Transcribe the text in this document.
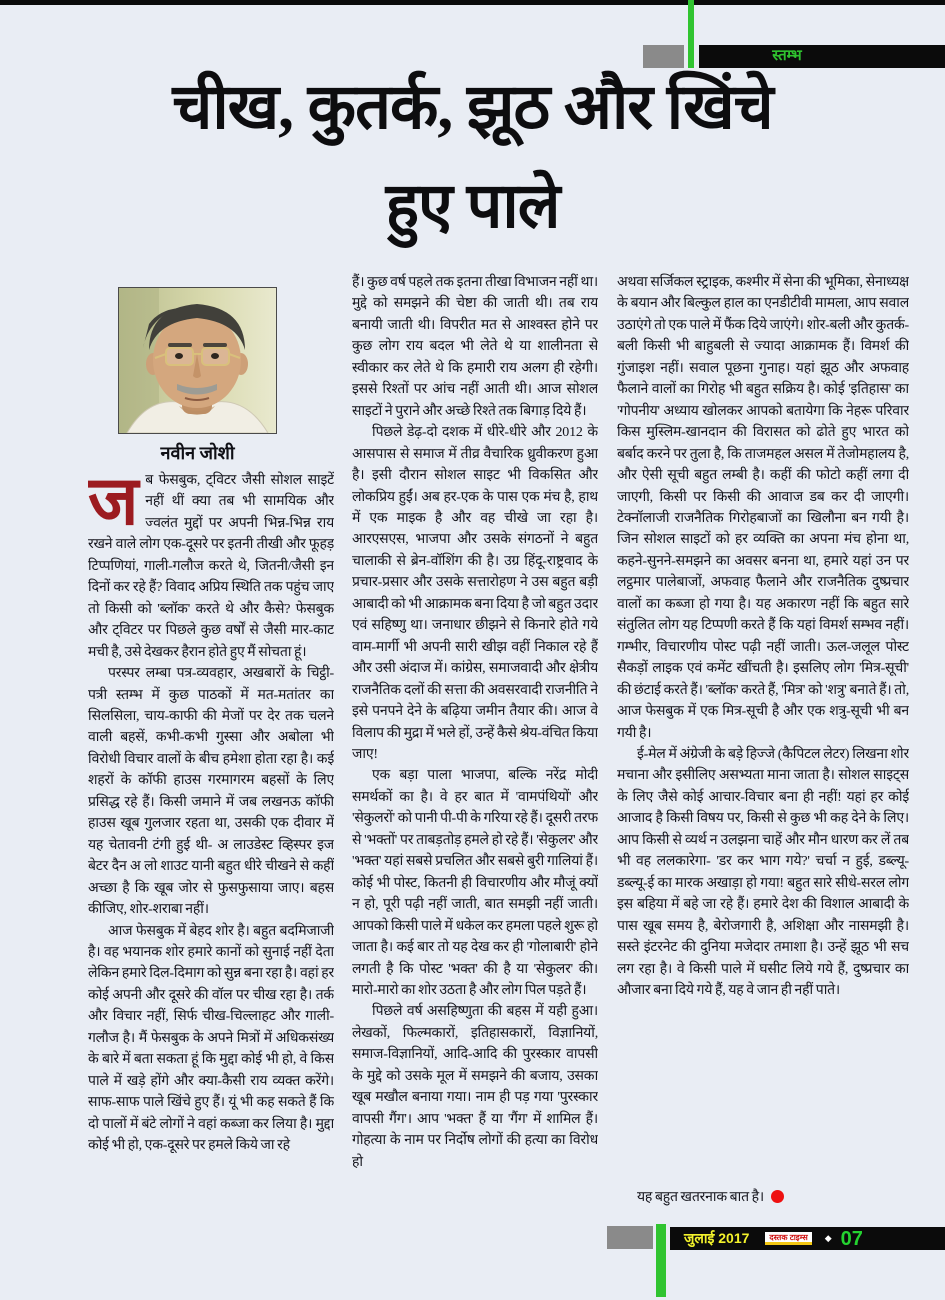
स्तम्भ
चीख, कुतर्क, झूठ और खिंचे
हुए पाले
नवीन जोशी

जब फेसबुक, ट्विटर जैसी सोशल साइटें नहीं थीं क्या तब भी सामयिक और ज्वलंत मुद्दों पर अपनी भिन्न-भिन्न राय रखने वाले लोग एक-दूसरे पर इतनी तीखी और फूहड़ टिप्पणियां, गाली-गलौज करते थे, जितनी/जैसी इन दिनों कर रहे हैं? विवाद अप्रिय स्थिति तक पहुंच जाए तो किसी को 'ब्लॉक' करते थे और कैसे? फेसबुक और ट्विटर पर पिछले कुछ वर्षों से जैसी मार-काट मची है, उसे देखकर हैरान होते हुए मैं सोचता हूं।

परस्पर लम्बा पत्र-व्यवहार, अखबारों के चिट्ठी-पत्री स्तम्भ में कुछ पाठकों में मत-मतांतर का सिलसिला, चाय-काफी की मेजों पर देर तक चलने वाली बहसें, कभी-कभी गुस्सा और अबोला भी विरोधी विचार वालों के बीच हमेशा होता रहा है। कई शहरों के कॉफी हाउस गरमागरम बहसों के लिए प्रसिद्ध रहे हैं। किसी जमाने में जब लखनऊ कॉफी हाउस खूब गुलजार रहता था, उसकी एक दीवार में यह चेतावनी टंगी हुई थी- अ लाउडेस्ट व्हिस्पर इज बेटर दैन अ लो शाउट यानी बहुत धीरे चीखने से कहीं अच्छा है कि खूब जोर से फुसफुसाया जाए। बहस कीजिए, शोर-शराबा नहीं।

आज फेसबुक में बेहद शोर है। बहुत बदमिजाजी है। वह भयानक शोर हमारे कानों को सुनाई नहीं देता लेकिन हमारे दिल-दिमाग को सुन्न बना रहा है। वहां हर कोई अपनी और दूसरे की वॉल पर चीख रहा है। तर्क और विचार नहीं, सिर्फ चीख-चिल्लाहट और गाली-गलौज है। मैं फेसबुक के अपने मित्रों में अधिकसंख्य के बारे में बता सकता हूं कि मुद्दा कोई भी हो, वे किस पाले में खड़े होंगे और क्या-कैसी राय व्यक्त करेंगे। साफ-साफ पाले खिंचे हुए हैं। यूं भी कह सकते हैं कि दो पालों में बंटे लोगों ने वहां कब्जा कर लिया है। मुद्दा कोई भी हो, एक-दूसरे पर हमले किये जा रहे

हैं। कुछ वर्ष पहले तक इतना तीखा विभाजन नहीं था। मुद्दे को समझने की चेष्टा की जाती थी। तब राय बनायी जाती थी। विपरीत मत से आश्वस्त होने पर कुछ लोग राय बदल भी लेते थे या शालीनता से स्वीकार कर लेते थे कि हमारी राय अलग ही रहेगी। इससे रिश्तों पर आंच नहीं आती थी। आज सोशल साइटों ने पुराने और अच्छे रिश्ते तक बिगाड़ दिये हैं।

पिछले डेढ़-दो दशक में धीरे-धीरे और 2012 के आसपास से समाज में तीव्र वैचारिक ध्रुवीकरण हुआ है। इसी दौरान सोशल साइट भी विकसित और लोकप्रिय हुईं। अब हर-एक के पास एक मंच है, हाथ में एक माइक है और वह चीखे जा रहा है। आरएसएस, भाजपा और उसके संगठनों ने बहुत चालाकी से ब्रेन-वॉशिंग की है। उग्र हिंदू-राष्ट्रवाद के प्रचार-प्रसार और उसके सत्तारोहण ने उस बहुत बड़ी आबादी को भी आक्रामक बना दिया है जो बहुत उदार एवं सहिष्णु था। जनाधार छीझने से किनारे होते गये वाम-मार्गी भी अपनी सारी खीझ वहीं निकाल रहे हैं और उसी अंदाज में। कांग्रेस, समाजवादी और क्षेत्रीय राजनैतिक दलों की सत्ता की अवसरवादी राजनीति ने इसे पनपने देने के बढ़िया जमीन तैयार की। आज वे विलाप की मुद्रा में भले हों, उन्हें कैसे श्रेय-वंचित किया जाए!

एक बड़ा पाला भाजपा, बल्कि नरेंद्र मोदी समर्थकों का है। वे हर बात में 'वामपंथियों' और 'सेकुलरों' को पानी पी-पी के गरिया रहे हैं। दूसरी तरफ से 'भक्तों' पर ताबड़तोड़ हमले हो रहे हैं। 'सेकुलर' और 'भक्त' यहां सबसे प्रचलित और सबसे बुरी गालियां हैं। कोई भी पोस्ट, कितनी ही विचारणीय और मौजूं क्यों न हो, पूरी पढ़ी नहीं जाती, बात समझी नहीं जाती। आपको किसी पाले में धकेल कर हमला पहले शुरू हो जाता है। कई बार तो यह देख कर ही 'गोलाबारी' होने लगती है कि पोस्ट 'भक्त' की है या 'सेकुलर' की। मारो-मारो का शोर उठता है और लोग पिल पड़ते हैं।

पिछले वर्ष असहिष्णुता की बहस में यही हुआ। लेखकों, फिल्मकारों, इतिहासकारों, विज्ञानियों, समाज-विज्ञानियों, आदि-आदि की पुरस्कार वापसी के मुद्दे को उसके मूल में समझने की बजाय, उसका खूब मखौल बनाया गया। नाम ही पड़ गया 'पुरस्कार वापसी गैंग'। आप 'भक्त' हैं या 'गैंग' में शामिल हैं। गोहत्या के नाम पर निर्दोष लोगों की हत्या का विरोध हो

अथवा सर्जिकल स्ट्राइक, कश्मीर में सेना की भूमिका, सेनाध्यक्ष के बयान और बिल्कुल हाल का एनडीटीवी मामला, आप सवाल उठाएंगे तो एक पाले में फैंक दिये जाएंगे। शोर-बली और कुतर्क-बली किसी भी बाहुबली से ज्यादा आक्रामक हैं। विमर्श की गुंजाइश नहीं। सवाल पूछना गुनाह। यहां झूठ और अफवाह फैलाने वालों का गिरोह भी बहुत सक्रिय है। कोई 'इतिहास' का 'गोपनीय' अध्याय खोलकर आपको बतायेगा कि नेहरू परिवार किस मुस्लिम-खानदान की विरासत को ढोते हुए भारत को बर्बाद करने पर तुला है, कि ताजमहल असल में तेजोमहालय है, और ऐसी सूची बहुत लम्बी है। कहीं की फोटो कहीं लगा दी जाएगी, किसी पर किसी की आवाज डब कर दी जाएगी। टेक्नॉलाजी राजनैतिक गिरोहबाजों का खिलौना बन गयी है। जिन सोशल साइटों को हर व्यक्ति का अपना मंच होना था, कहने-सुनने-समझने का अवसर बनना था, हमारे यहां उन पर लट्ठमार पालेबाजों, अफवाह फैलाने और राजनैतिक दुष्प्रचार वालों का कब्जा हो गया है। यह अकारण नहीं कि बहुत सारे संतुलित लोग यह टिप्पणी करते हैं कि यहां विमर्श सम्भव नहीं। गम्भीर, विचारणीय पोस्ट पढ़ी नहीं जाती। ऊल-जलूल पोस्ट सैकड़ों लाइक एवं कमेंट खींचती है। इसलिए लोग 'मित्र-सूची' की छंटाई करते हैं। 'ब्लॉक' करते हैं, 'मित्र' को 'शत्रु' बनाते हैं। तो, आज फेसबुक में एक मित्र-सूची है और एक शत्रु-सूची भी बन गयी है।

ई-मेल में अंग्रेजी के बड़े हिज्जे (कैपिटल लेटर) लिखना शोर मचाना और इसीलिए असभ्यता माना जाता है। सोशल साइट्स के लिए जैसे कोई आचार-विचार बना ही नहीं! यहां हर कोई आजाद है किसी विषय पर, किसी से कुछ भी कह देने के लिए। आप किसी से व्यर्थ न उलझना चाहें और मौन धारण कर लें तब भी वह ललकारेगा- 'डर कर भाग गये?' चर्चा न हुई, डब्ल्यू-डब्ल्यू-ई का मारक अखाड़ा हो गया! बहुत सारे सीधे-सरल लोग इस बहिया में बहे जा रहे हैं। हमारे देश की विशाल आबादी के पास खूब समय है, बेरोजगारी है, अशिक्षा और नासमझी है। सस्ते इंटरनेट की दुनिया मजेदार तमाशा है। उन्हें झूठ भी सच लग रहा है। वे किसी पाले में घसीट लिये गये हैं, दुष्प्रचार का औजार बना दिये गये हैं, यह वे जान ही नहीं पाते।

यह बहुत खतरनाक बात है।

जुलाई 2017	दस्तक टाइम्स	◆ 07
